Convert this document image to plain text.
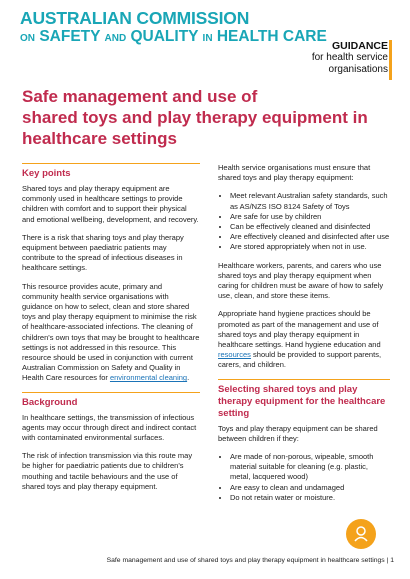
AUSTRALIAN COMMISSION
ON SAFETY AND QUALITY IN HEALTH CARE
GUIDANCE
for health service
organisations
Safe management and use of
shared toys and play therapy equipment in
healthcare settings
Key points

Shared toys and play therapy equipment are commonly used in healthcare settings to provide children with comfort and to support their physical and emotional wellbeing, development, and recovery.

There is a risk that sharing toys and play therapy equipment between paediatric patients may contribute to the spread of infectious diseases in healthcare settings.

This resource provides acute, primary and community health service organisations with guidance on how to select, clean and store shared toys and play therapy equipment to minimise the risk of healthcare-associated infections. The cleaning of children's own toys that may be brought to healthcare settings is not addressed in this resource. This resource should be used in conjunction with current Australian Commission on Safety and Quality in Health Care resources for environmental cleaning.

Background

In healthcare settings, the transmission of infectious agents may occur through direct and indirect contact with contaminated environmental surfaces.

The risk of infection transmission via this route may be higher for paediatric patients due to children's mouthing and tactile behaviours and the use of shared toys and play therapy equipment.

Health service organisations must ensure that shared toys and play therapy equipment:

• Meet relevant Australian safety standards, such as AS/NZS ISO 8124 Safety of Toys
• Are safe for use by children
• Can be effectively cleaned and disinfected
• Are effectively cleaned and disinfected after use
• Are stored appropriately when not in use.

Healthcare workers, parents, and carers who use shared toys and play therapy equipment when caring for children must be aware of how to safely use, clean, and store these items.

Appropriate hand hygiene practices should be promoted as part of the management and use of shared toys and play therapy equipment in healthcare settings. Hand hygiene education and resources should be provided to support parents, carers, and children.

Selecting shared toys and play therapy equipment for the healthcare setting

Toys and play therapy equipment can be shared between children if they:

• Are made of non-porous, wipeable, smooth material suitable for cleaning (e.g. plastic, metal, lacquered wood)
• Are easy to clean and undamaged
• Do not retain water or moisture.
Safe management and use of shared toys and play therapy equipment in healthcare settings | 1
